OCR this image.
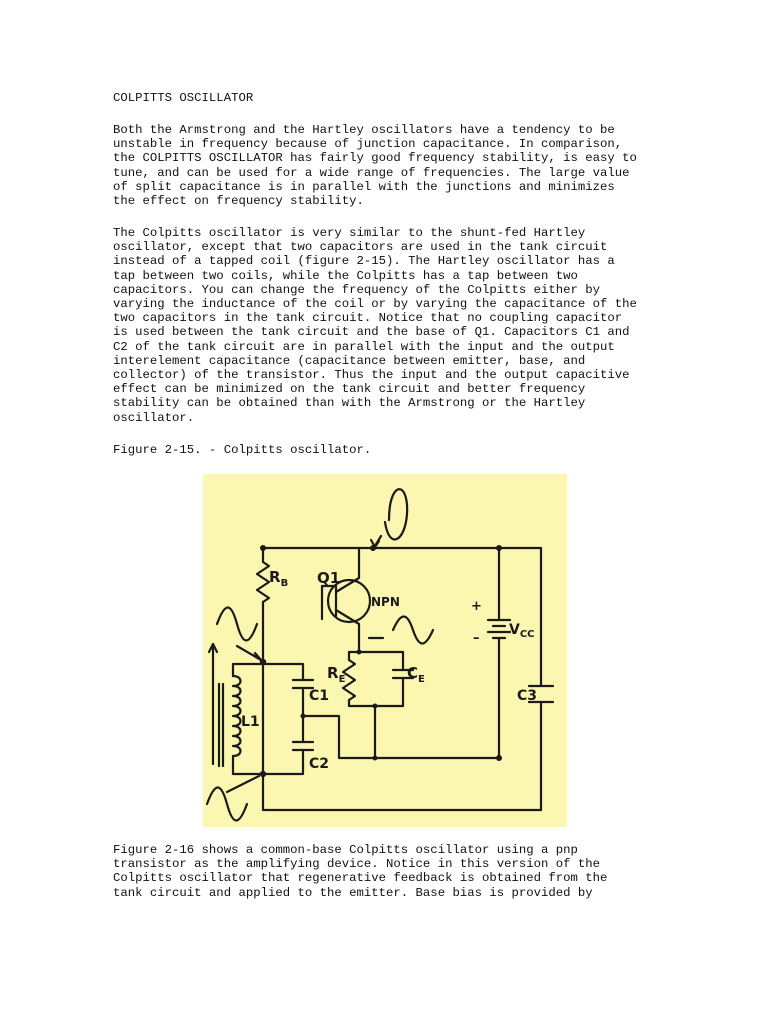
COLPITTS OSCILLATOR
Both the Armstrong and the Hartley oscillators have a tendency to be
unstable in frequency because of junction capacitance. In comparison,
the COLPITTS OSCILLATOR has fairly good frequency stability, is easy to
tune, and can be used for a wide range of frequencies. The large value
of split capacitance is in parallel with the junctions and minimizes
the effect on frequency stability.
The Colpitts oscillator is very similar to the shunt-fed Hartley
oscillator, except that two capacitors are used in the tank circuit
instead of a tapped coil (figure 2-15). The Hartley oscillator has a
tap between two coils, while the Colpitts has a tap between two
capacitors. You can change the frequency of the Colpitts either by
varying the inductance of the coil or by varying the capacitance of the
two capacitors in the tank circuit. Notice that no coupling capacitor
is used between the tank circuit and the base of Q1. Capacitors C1 and
C2 of the tank circuit are in parallel with the input and the output
interelement capacitance (capacitance between emitter, base, and
collector) of the transistor. Thus the input and the output capacitive
effect can be minimized on the tank circuit and better frequency
stability can be obtained than with the Armstrong or the Hartley
oscillator.
Figure 2-15. - Colpitts oscillator.
$R_B$ Q1
NPN
$R_E$	$C_E$
$V_{CC}$
+
–
C1
C2
C3
L1
Figure 2-16 shows a common-base Colpitts oscillator using a pnp
transistor as the amplifying device. Notice in this version of the
Colpitts oscillator that regenerative feedback is obtained from the
tank circuit and applied to the emitter. Base bias is provided by
